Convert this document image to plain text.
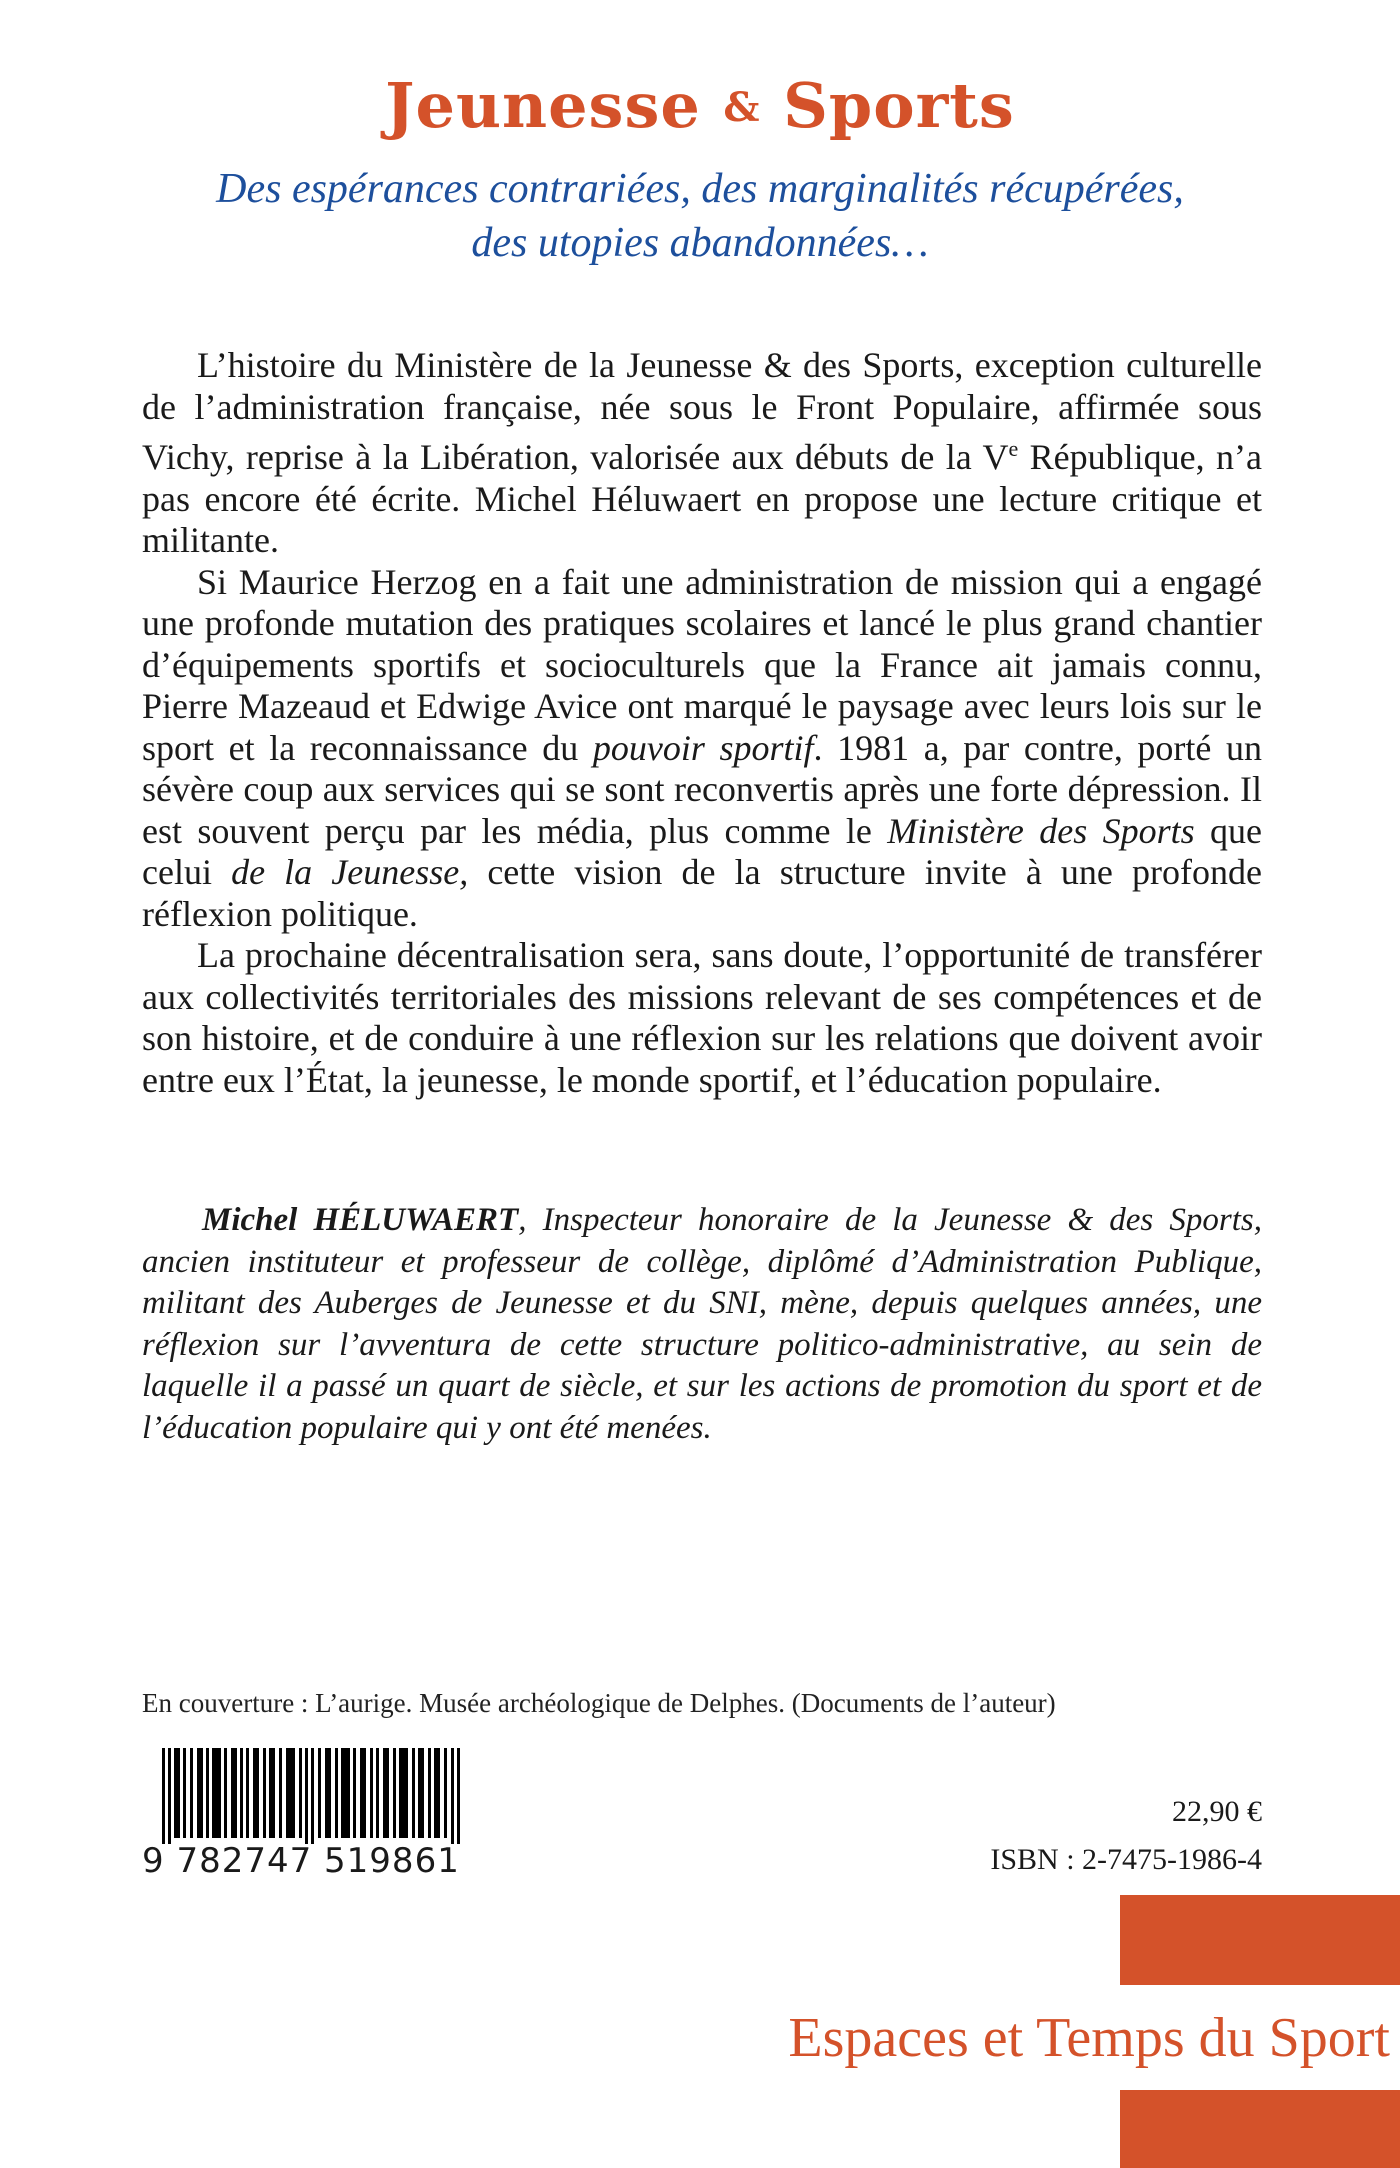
Jeunesse & Sports
Des espérances contrariées, des marginalités récupérées,
des utopies abandonnées…

L’histoire du Ministère de la Jeunesse & des Sports, exception culturelle de l’administration française, née sous le Front Populaire, affirmée sous Vichy, reprise à la Libération, valorisée aux débuts de la Ve République, n’a pas encore été écrite. Michel Héluwaert en propose une lecture critique et militante.

Si Maurice Herzog en a fait une administration de mission qui a engagé une profonde mutation des pratiques scolaires et lancé le plus grand chantier d’équipements sportifs et socioculturels que la France ait jamais connu, Pierre Mazeaud et Edwige Avice ont marqué le paysage avec leurs lois sur le sport et la reconnaissance du pouvoir sportif. 1981 a, par contre, porté un sévère coup aux services qui se sont reconvertis après une forte dépression. Il est souvent perçu par les média, plus comme le Ministère des Sports que celui de la Jeunesse, cette vision de la structure invite à une profonde réflexion politique.

La prochaine décentralisation sera, sans doute, l’opportunité de transférer aux collectivités territoriales des missions relevant de ses compétences et de son histoire, et de conduire à une réflexion sur les relations que doivent avoir entre eux l’État, la jeunesse, le monde sportif, et l’éducation populaire.

Michel HÉLUWAERT, Inspecteur honoraire de la Jeunesse & des Sports, ancien instituteur et professeur de collège, diplômé d’Administration Publique, militant des Auberges de Jeunesse et du SNI, mène, depuis quelques années, une réflexion sur l’avventura de cette structure politico-administrative, au sein de laquelle il a passé un quart de siècle, et sur les actions de promotion du sport et de l’éducation populaire qui y ont été menées.

En couverture : L’aurige. Musée archéologique de Delphes. (Documents de l’auteur)

9 782747 519861

22,90 €

ISBN : 2-7475-1986-4

Espaces et Temps du Sport
